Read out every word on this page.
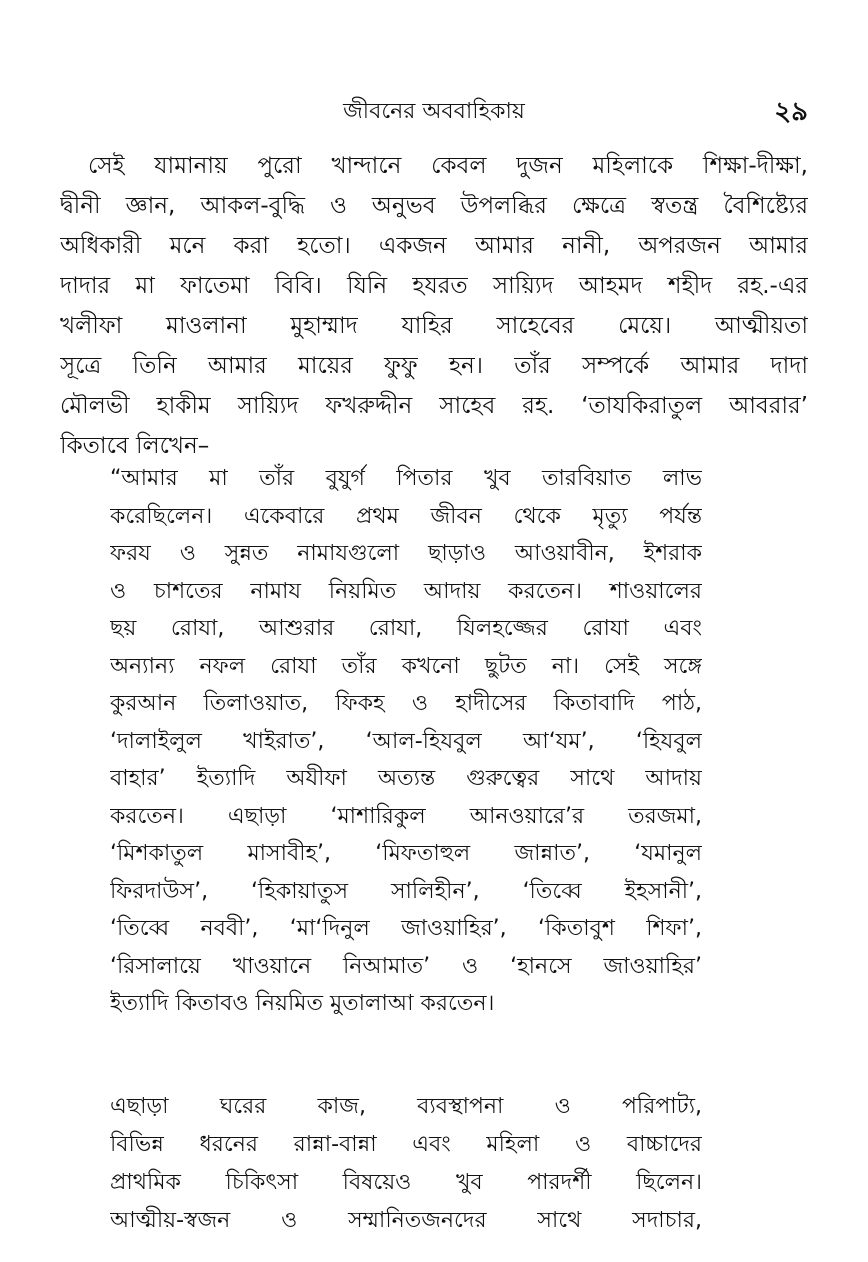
জীবনের অববাহিকায়	২৯
সেই যামানায় পুরো খান্দানে কেবল দুজন মহিলাকে শিক্ষা-দীক্ষা,
দ্বীনী জ্ঞান, আকল-বুদ্ধি ও অনুভব উপলব্ধির ক্ষেত্রে স্বতন্ত্র বৈশিষ্ট্যের
অধিকারী মনে করা হতো। একজন আমার নানী, অপরজন আমার
দাদার মা ফাতেমা বিবি। যিনি হযরত সায়্যিদ আহমদ শহীদ রহ.-এর
খলীফা মাওলানা মুহাম্মাদ যাহির সাহেবের মেয়ে। আত্মীয়তা
সূত্রে তিনি আমার মায়ের ফুফু হন। তাঁর সম্পর্কে আমার দাদা
মৌলভী হাকীম সায়্যিদ ফখরুদ্দীন সাহেব রহ. ‘তাযকিরাতুল আবরার’
কিতাবে লিখেন–
“আমার মা তাঁর বুযুর্গ পিতার খুব তারবিয়াত লাভ
করেছিলেন। একেবারে প্রথম জীবন থেকে মৃত্যু পর্যন্ত
ফরয ও সুন্নত নামাযগুলো ছাড়াও আওয়াবীন, ইশরাক
ও চাশতের নামায নিয়মিত আদায় করতেন। শাওয়ালের
ছয় রোযা, আশুরার রোযা, যিলহজ্জের রোযা এবং
অন্যান্য নফল রোযা তাঁর কখনো ছুটত না। সেই সঙ্গে
কুরআন তিলাওয়াত, ফিকহ ও হাদীসের কিতাবাদি পাঠ,
‘দালাইলুল খাইরাত’, ‘আল-হিযবুল আ‘যম’, ‘হিযবুল
বাহার’ ইত্যাদি অযীফা অত্যন্ত গুরুত্বের সাথে আদায়
করতেন। এছাড়া ‘মাশারিকুল আনওয়ারে’র তরজমা,
‘মিশকাতুল মাসাবীহ’, ‘মিফতাহুল জান্নাত’, ‘যমানুল
ফিরদাউস’, ‘হিকায়াতুস সালিহীন’, ‘তিব্বে ইহসানী’,
‘তিব্বে নববী’, ‘মা‘দিনুল জাওয়াহির’, ‘কিতাবুশ শিফা’,
‘রিসালায়ে খাওয়ানে নিআমাত’ ও ‘হানসে জাওয়াহির’
ইত্যাদি কিতাবও নিয়মিত মুতালাআ করতেন।
এছাড়া ঘরের কাজ, ব্যবস্থাপনা ও পরিপাট্য,
বিভিন্ন ধরনের রান্না-বান্না এবং মহিলা ও বাচ্চাদের
প্রাথমিক চিকিৎসা বিষয়েও খুব পারদর্শী ছিলেন।
আত্মীয়-স্বজন ও সম্মানিতজনদের সাথে সদাচার,
